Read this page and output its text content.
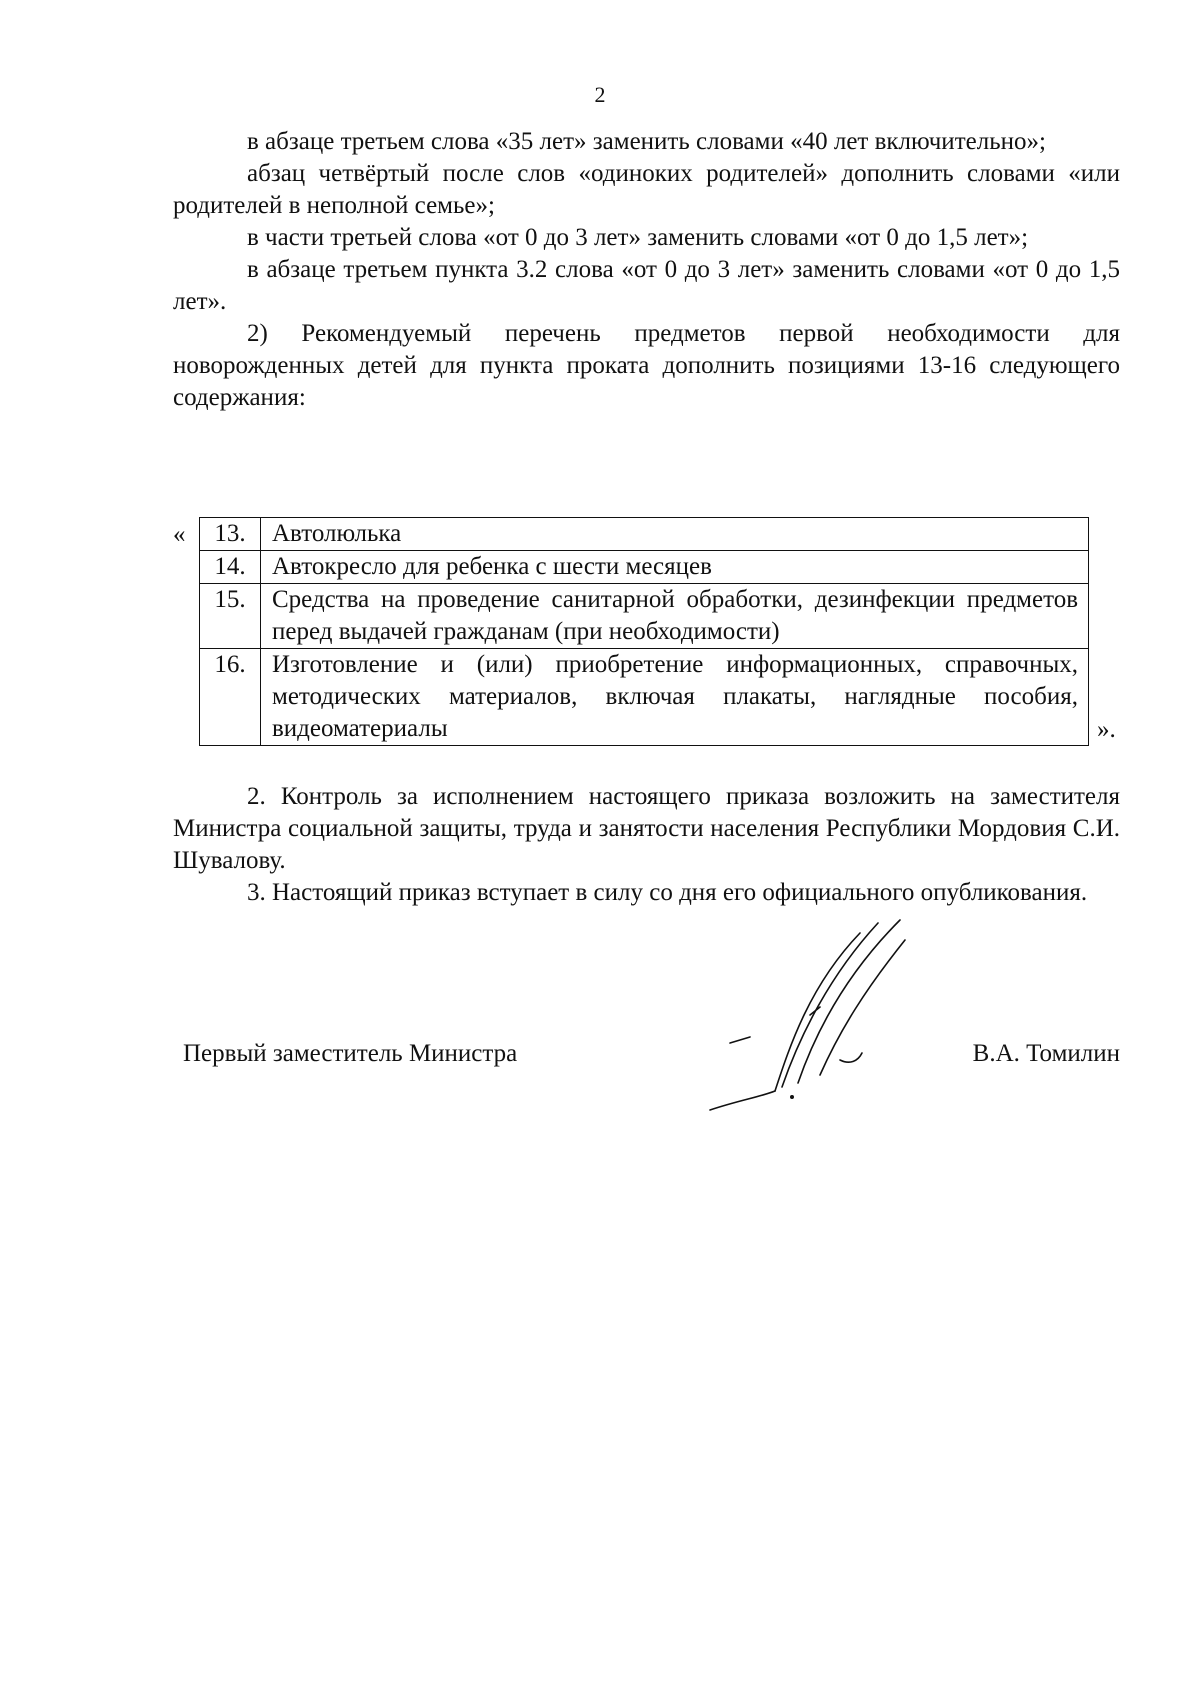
2

в абзаце третьем слова «35 лет» заменить словами «40 лет включительно»;

абзац четвёртый после слов «одиноких родителей» дополнить словами «или родителей в неполной семье»;

в части третьей слова «от 0 до 3 лет» заменить словами «от 0 до 1,5 лет»;

в абзаце третьем пункта 3.2 слова «от 0 до 3 лет» заменить словами «от 0 до 1,5 лет».

2) Рекомендуемый перечень предметов первой необходимости для новорожденных детей для пункта проката дополнить позициями 13-16 следующего содержания:

« 13.	Автолюлька
14.	Автокресло для ребенка с шести месяцев
15.	Средства на проведение санитарной обработки, дезинфекции предметов перед выдачей гражданам (при необходимости)
16.	Изготовление и (или) приобретение информационных, справочных, методических материалов, включая плакаты, наглядные пособия, видеоматериалы	».

2. Контроль за исполнением настоящего приказа возложить на заместителя Министра социальной защиты, труда и занятости населения Республики Мордовия С.И. Шувалову.

3. Настоящий приказ вступает в силу со дня его официального опубликования.

Первый заместитель Министра	В.А. Томилин
